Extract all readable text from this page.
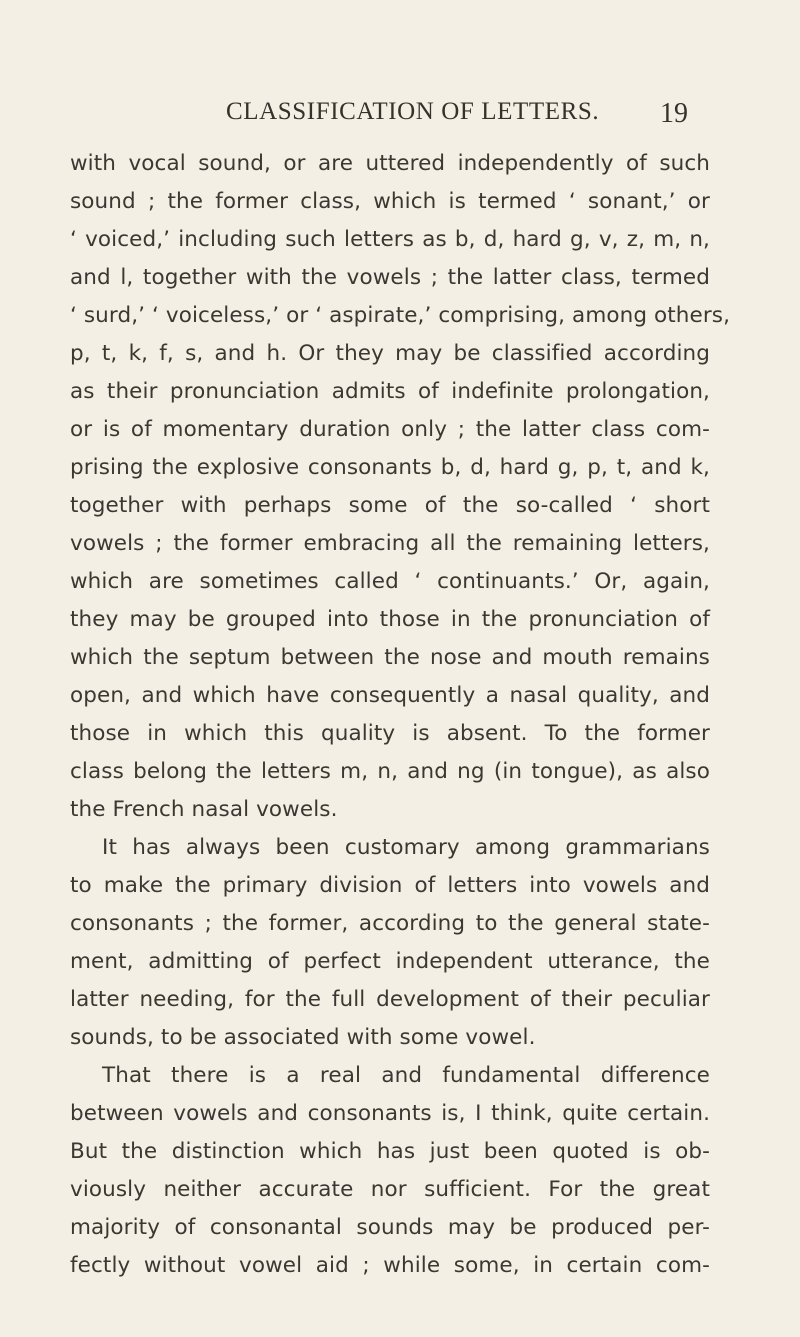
CLASSIFICATION OF LETTERS. 19
with vocal sound, or are uttered independently of such
sound ; the former class, which is termed ‘ sonant,’ or
‘ voiced,’ including such letters as b, d, hard g, v, z, m, n,
and l, together with the vowels ; the latter class, termed
‘ surd,’ ‘ voiceless,’ or ‘ aspirate,’ comprising, among others,
p, t, k, f, s, and h. Or they may be classified according
as their pronunciation admits of indefinite prolongation,
or is of momentary duration only ; the latter class com-
prising the explosive consonants b, d, hard g, p, t, and k,
together with perhaps some of the so-called ‘ short
vowels ; the former embracing all the remaining letters,
which are sometimes called ‘ continuants.’ Or, again,
they may be grouped into those in the pronunciation of
which the septum between the nose and mouth remains
open, and which have consequently a nasal quality, and
those in which this quality is absent. To the former
class belong the letters m, n, and ng (in tongue), as also
the French nasal vowels.
It has always been customary among grammarians
to make the primary division of letters into vowels and
consonants ; the former, according to the general state-
ment, admitting of perfect independent utterance, the
latter needing, for the full development of their peculiar
sounds, to be associated with some vowel.
That there is a real and fundamental difference
between vowels and consonants is, I think, quite certain.
But the distinction which has just been quoted is ob-
viously neither accurate nor sufficient. For the great
majority of consonantal sounds may be produced per-
fectly without vowel aid ; while some, in certain com-
